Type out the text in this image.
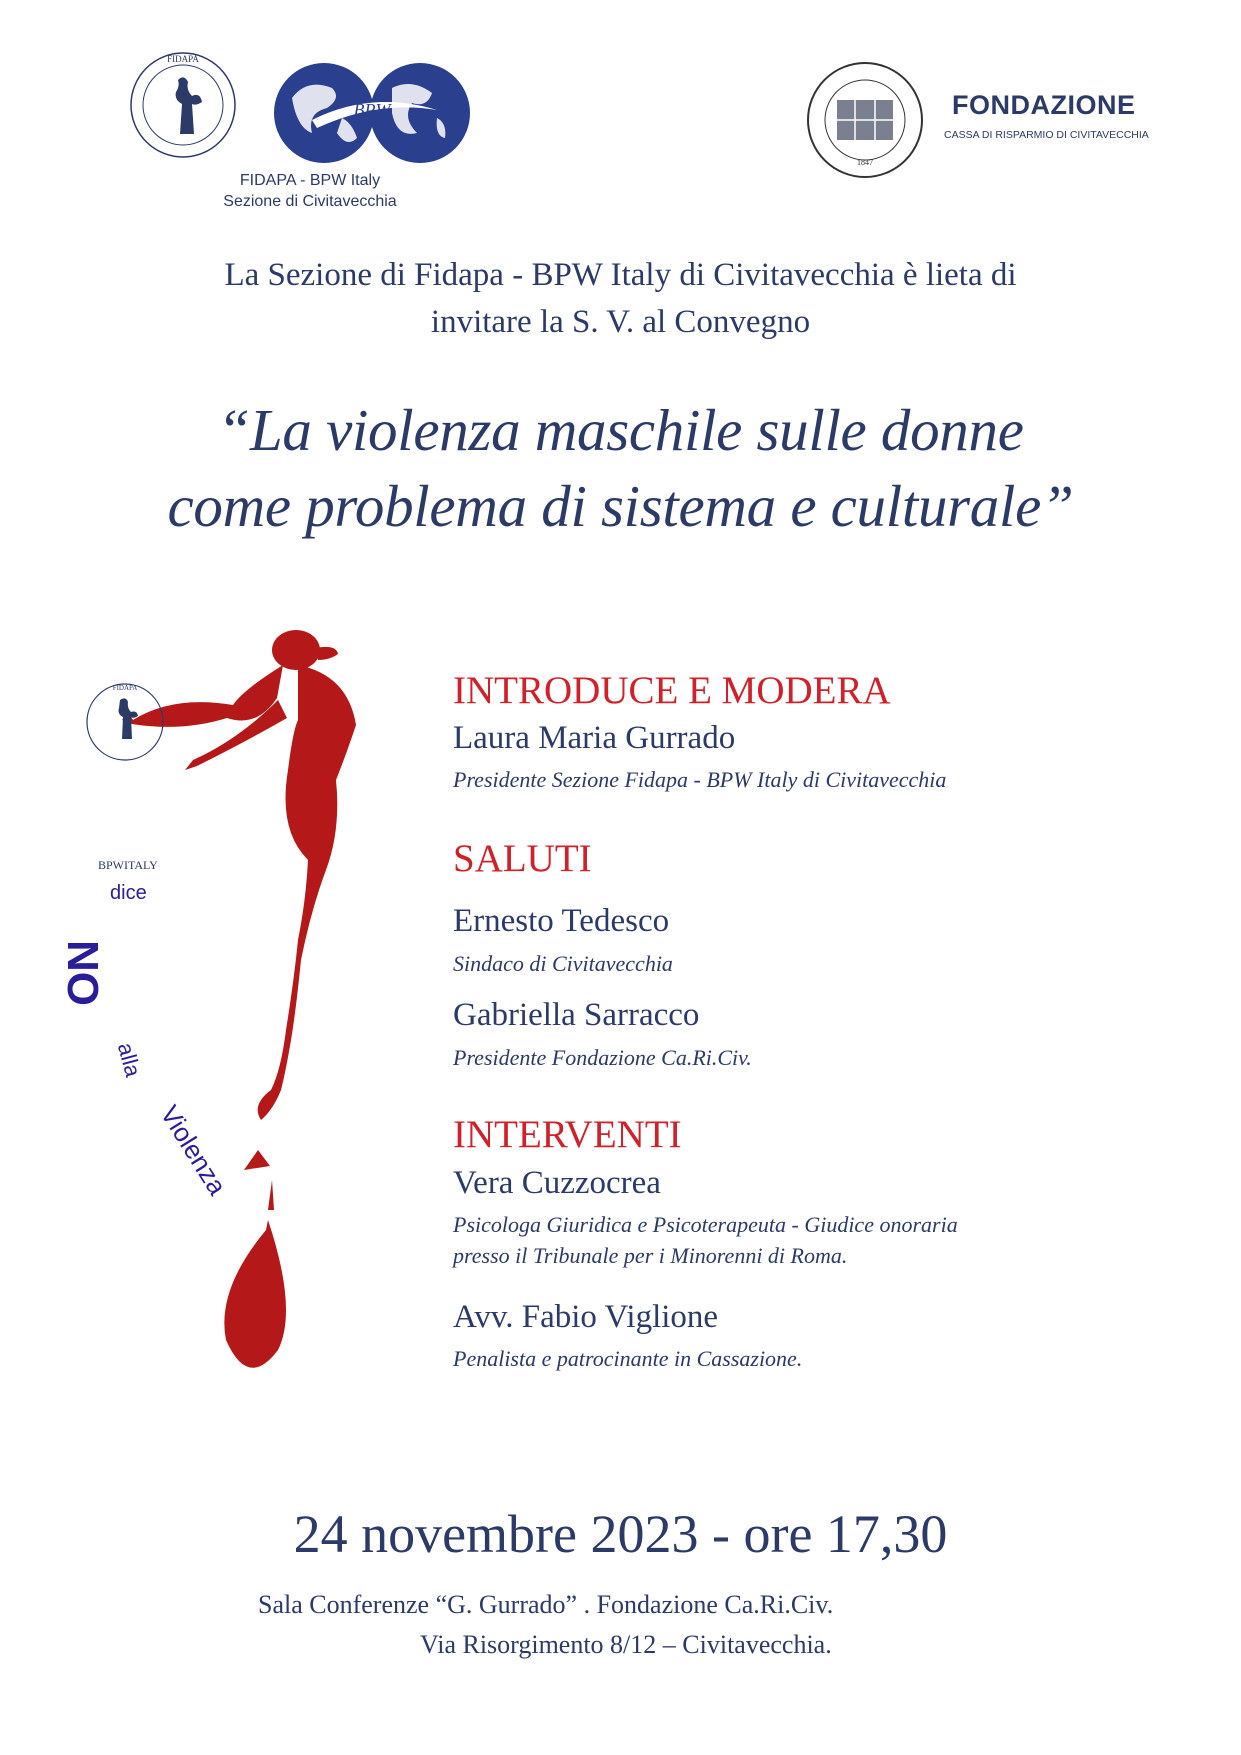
FIDAPA
BPW
FIDAPA - BPW Italy
Sezione di Civitavecchia
1847
FONDAZIONE
CASSA DI RISPARMIO DI CIVITAVECCHIA
La Sezione di Fidapa - BPW Italy di Civitavecchia è lieta di
invitare la S. V. al Convegno
“La violenza maschile sulle donne
come problema di sistema e culturale”
FIDAPA
BPWITALY
dice
NO
alla
Violenza
INTRODUCE E MODERA
Laura Maria Gurrado
Presidente Sezione Fidapa - BPW Italy di Civitavecchia
SALUTI
Ernesto Tedesco
Sindaco di Civitavecchia
Gabriella Sarracco
Presidente Fondazione Ca.Ri.Civ.
INTERVENTI
Vera Cuzzocrea
Psicologa Giuridica e Psicoterapeuta - Giudice onoraria
presso il Tribunale per i Minorenni di Roma.
Avv. Fabio Viglione
Penalista e patrocinante in Cassazione.
24 novembre 2023 - ore 17,30
Sala Conferenze “G. Gurrado” . Fondazione Ca.Ri.Civ.
Via Risorgimento 8/12 – Civitavecchia.
